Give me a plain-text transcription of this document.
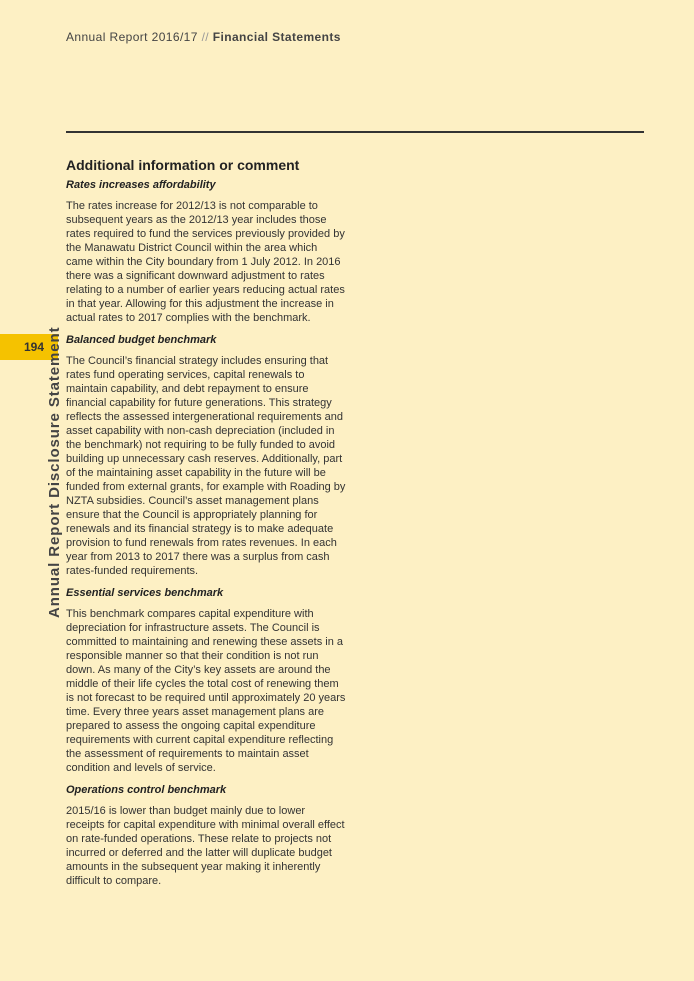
Annual Report 2016/17 // Financial Statements
194 Annual Report Disclosure Statement
Additional information or comment
Rates increases affordability

The rates increase for 2012/13 is not comparable to subsequent years as the 2012/13 year includes those rates required to fund the services previously provided by the Manawatu District Council within the area which came within the City boundary from 1 July 2012. In 2016 there was a significant downward adjustment to rates relating to a number of earlier years reducing actual rates in that year. Allowing for this adjustment the increase in actual rates to 2017 complies with the benchmark.

Balanced budget benchmark

The Council’s financial strategy includes ensuring that rates fund operating services, capital renewals to maintain capability, and debt repayment to ensure financial capability for future generations. This strategy reflects the assessed intergenerational requirements and asset capability with non-cash depreciation (included in the benchmark) not requiring to be fully funded to avoid building up unnecessary cash reserves. Additionally, part of the maintaining asset capability in the future will be funded from external grants, for example with Roading by NZTA subsidies. Council’s asset management plans ensure that the Council is appropriately planning for renewals and its financial strategy is to make adequate provision to fund renewals from rates revenues. In each year from 2013 to 2017 there was a surplus from cash rates-funded requirements.

Essential services benchmark

This benchmark compares capital expenditure with depreciation for infrastructure assets. The Council is committed to maintaining and renewing these assets in a responsible manner so that their condition is not run down. As many of the City’s key assets are around the middle of their life cycles the total cost of renewing them is not forecast to be required until approximately 20 years time. Every three years asset management plans are prepared to assess the ongoing capital expenditure requirements with current capital expenditure reflecting the assessment of requirements to maintain asset condition and levels of service.

Operations control benchmark

2015/16 is lower than budget mainly due to lower receipts for capital expenditure with minimal overall effect on rate-funded operations. These relate to projects not incurred or deferred and the latter will duplicate budget amounts in the subsequent year making it inherently difficult to compare.
